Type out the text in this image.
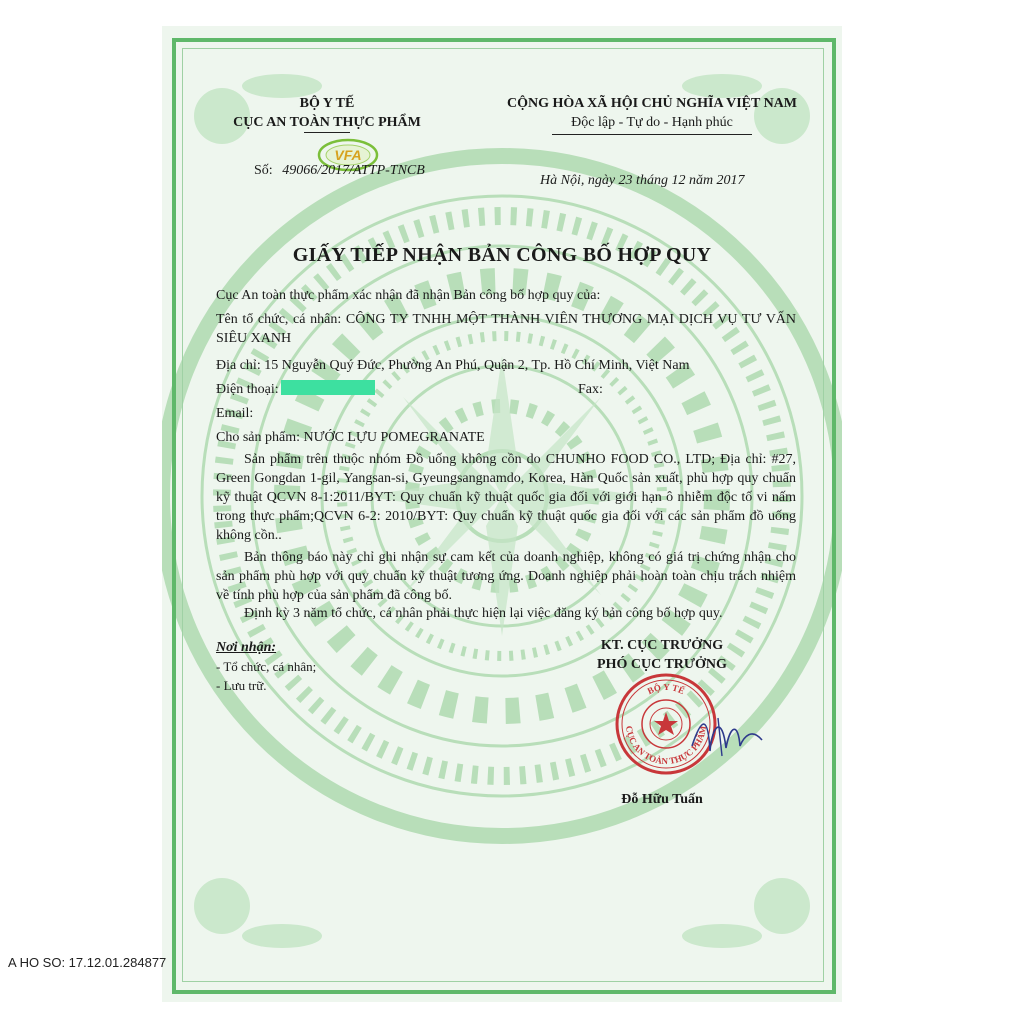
VFA
BỘ Y TẾ
CỤC AN TOÀN THỰC PHẨM
Số: 49066/2017/ATTP-TNCB
CỘNG HÒA XÃ HỘI CHỦ NGHĨA VIỆT NAM
Độc lập - Tự do - Hạnh phúc
Hà Nội, ngày 23 tháng 12 năm 2017
GIẤY TIẾP NHẬN BẢN CÔNG BỐ HỢP QUY
Cục An toàn thực phẩm xác nhận đã nhận Bản công bố hợp quy của:
Tên tổ chức, cá nhân: CÔNG TY TNHH MỘT THÀNH VIÊN THƯƠNG MẠI DỊCH VỤ TƯ VẤN SIÊU XANH
Địa chỉ: 15 Nguyễn Quý Đức, Phường An Phú, Quận 2, Tp. Hồ Chí Minh, Việt Nam
Điện thoại:	Fax:
Email:
Cho sản phẩm: NƯỚC LỰU POMEGRANATE
Sản phẩm trên thuộc nhóm Đồ uống không cồn do CHUNHO FOOD CO., LTD; Địa chỉ: #27, Green Gongdan 1-gil, Yangsan-si, Gyeungsangnamdo, Korea, Hàn Quốc sản xuất, phù hợp quy chuẩn kỹ thuật QCVN 8-1:2011/BYT: Quy chuẩn kỹ thuật quốc gia đối với giới hạn ô nhiễm độc tố vi nấm trong thực phẩm;QCVN 6-2: 2010/BYT: Quy chuẩn kỹ thuật quốc gia đối với các sản phẩm đồ uống không cồn..
Bản thông báo này chỉ ghi nhận sự cam kết của doanh nghiệp, không có giá trị chứng nhận cho sản phẩm phù hợp với quy chuẩn kỹ thuật tương ứng. Doanh nghiệp phải hoàn toàn chịu trách nhiệm về tính phù hợp của sản phẩm đã công bố.
Định kỳ 3 năm tổ chức, cá nhân phải thực hiện lại việc đăng ký bản công bố hợp quy.
Nơi nhận:
- Tổ chức, cá nhân;
- Lưu trữ.
KT. CỤC TRƯỞNG
PHÓ CỤC TRƯỞNG
BỘ Y TẾ
CỤC AN TOÀN THỰC PHẨM
Đỗ Hữu Tuấn
A HO SO: 17.12.01.284877
